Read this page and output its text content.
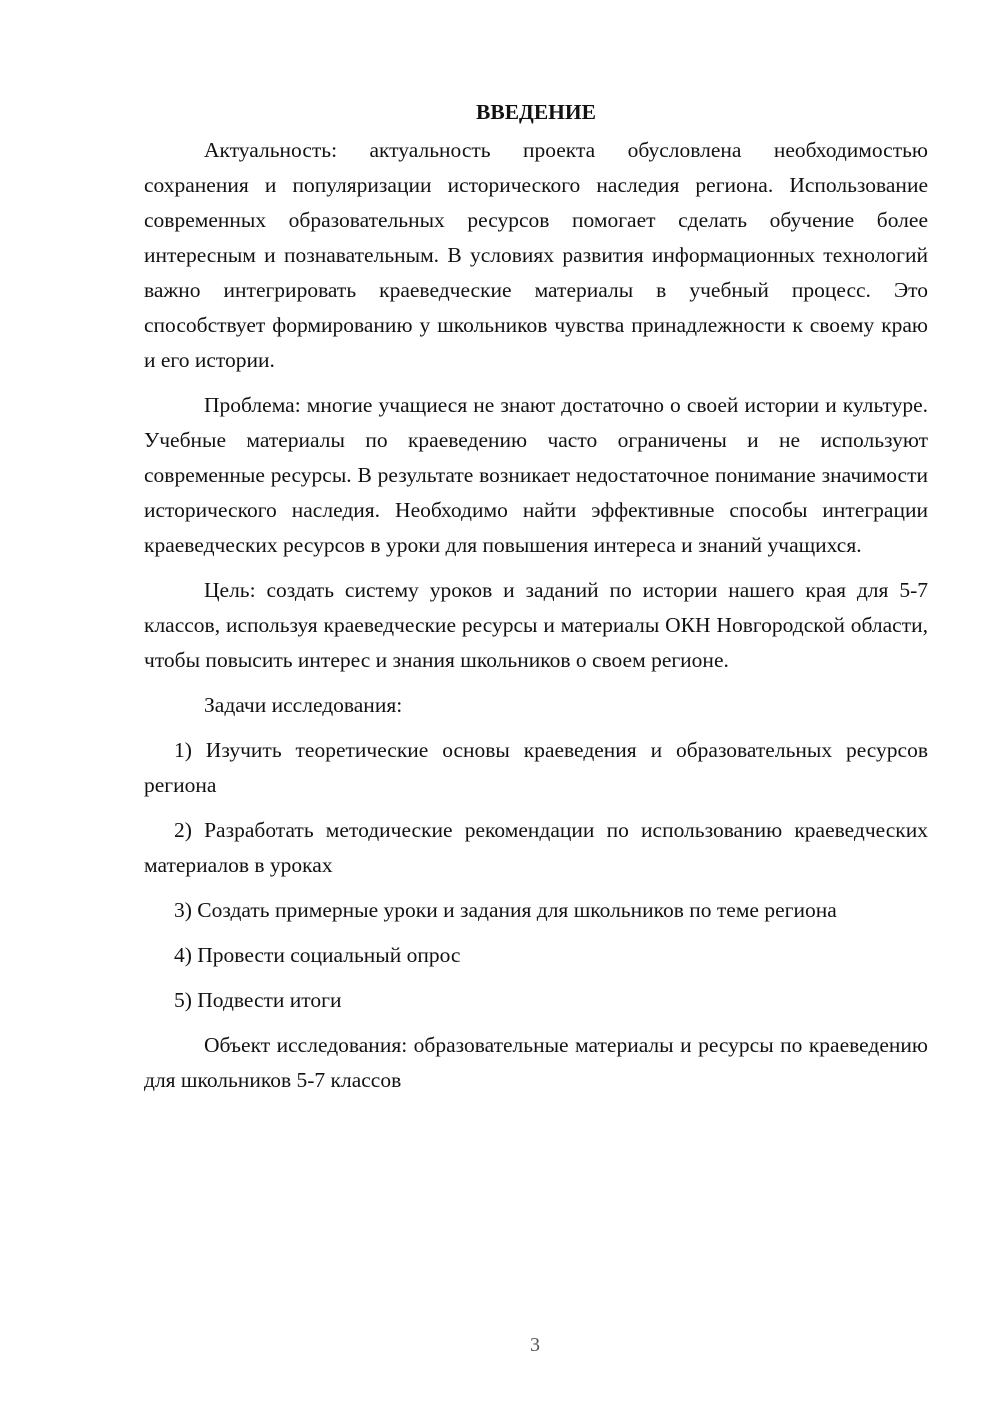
ВВЕДЕНИЕ

Актуальность: актуальность проекта обусловлена необходимостью сохранения и популяризации исторического наследия региона. Использование современных образовательных ресурсов помогает сделать обучение более интересным и познавательным. В условиях развития информационных технологий важно интегрировать краеведческие материалы в учебный процесс. Это способствует формированию у школьников чувства принадлежности к своему краю и его истории.

Проблема: многие учащиеся не знают достаточно о своей истории и культуре. Учебные материалы по краеведению часто ограничены и не используют современные ресурсы. В результате возникает недостаточное понимание значимости исторического наследия. Необходимо найти эффективные способы интеграции краеведческих ресурсов в уроки для повышения интереса и знаний учащихся.

Цель: создать систему уроков и заданий по истории нашего края для 5-7 классов, используя краеведческие ресурсы и материалы ОКН Новгородской области, чтобы повысить интерес и знания школьников о своем регионе.

Задачи исследования:

1) Изучить теоретические основы краеведения и образовательных ресурсов региона

2) Разработать методические рекомендации по использованию краеведческих материалов в уроках

3) Создать примерные уроки и задания для школьников по теме региона

4) Провести социальный опрос

5) Подвести итоги

Объект исследования: образовательные материалы и ресурсы по краеведению для школьников 5-7 классов

3
